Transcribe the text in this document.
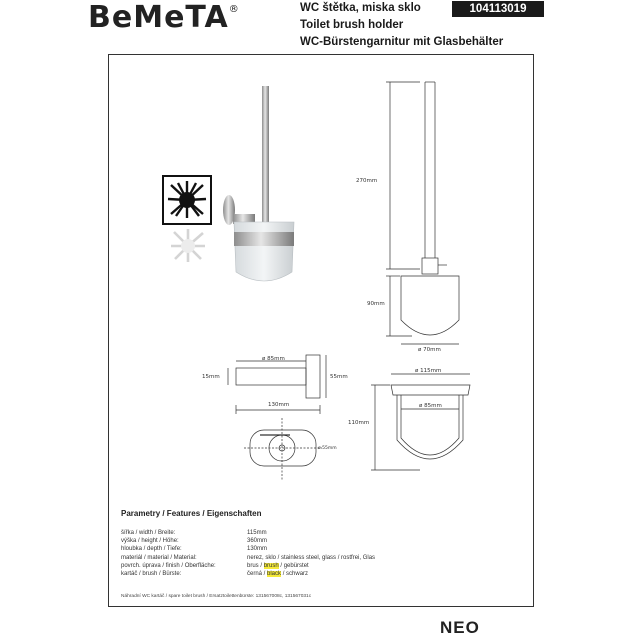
BeMeTA®	WC štětka, miska sklo
Toilet brush holder
WC-Bürstengarnitur mit Glasbehälter
104113019
270mm
90mm
ø 70mm
ø 85mm
15mm	55mm
130mm
ø 115mm
ø 85mm
110mm
ø 55mm
Parametry / Features / Eigenschaften
šířka / width / Breite:	115mm
výška / height / Höhe:	360mm
hloubka / depth / Tiefe:	130mm
materiál / material / Material:	nerez, sklo / stainless steel, glass / rostfrei, Glas
povrch. úprava / finish / Oberfläche:	brus / brush / gebürstet
kartáč / brush / Bürste:	černá / black / schwarz
Náhradní WC kartáč / spare toilet brush / Ersatztoilettenbürste: 131567008c, 131567031c
NEO
